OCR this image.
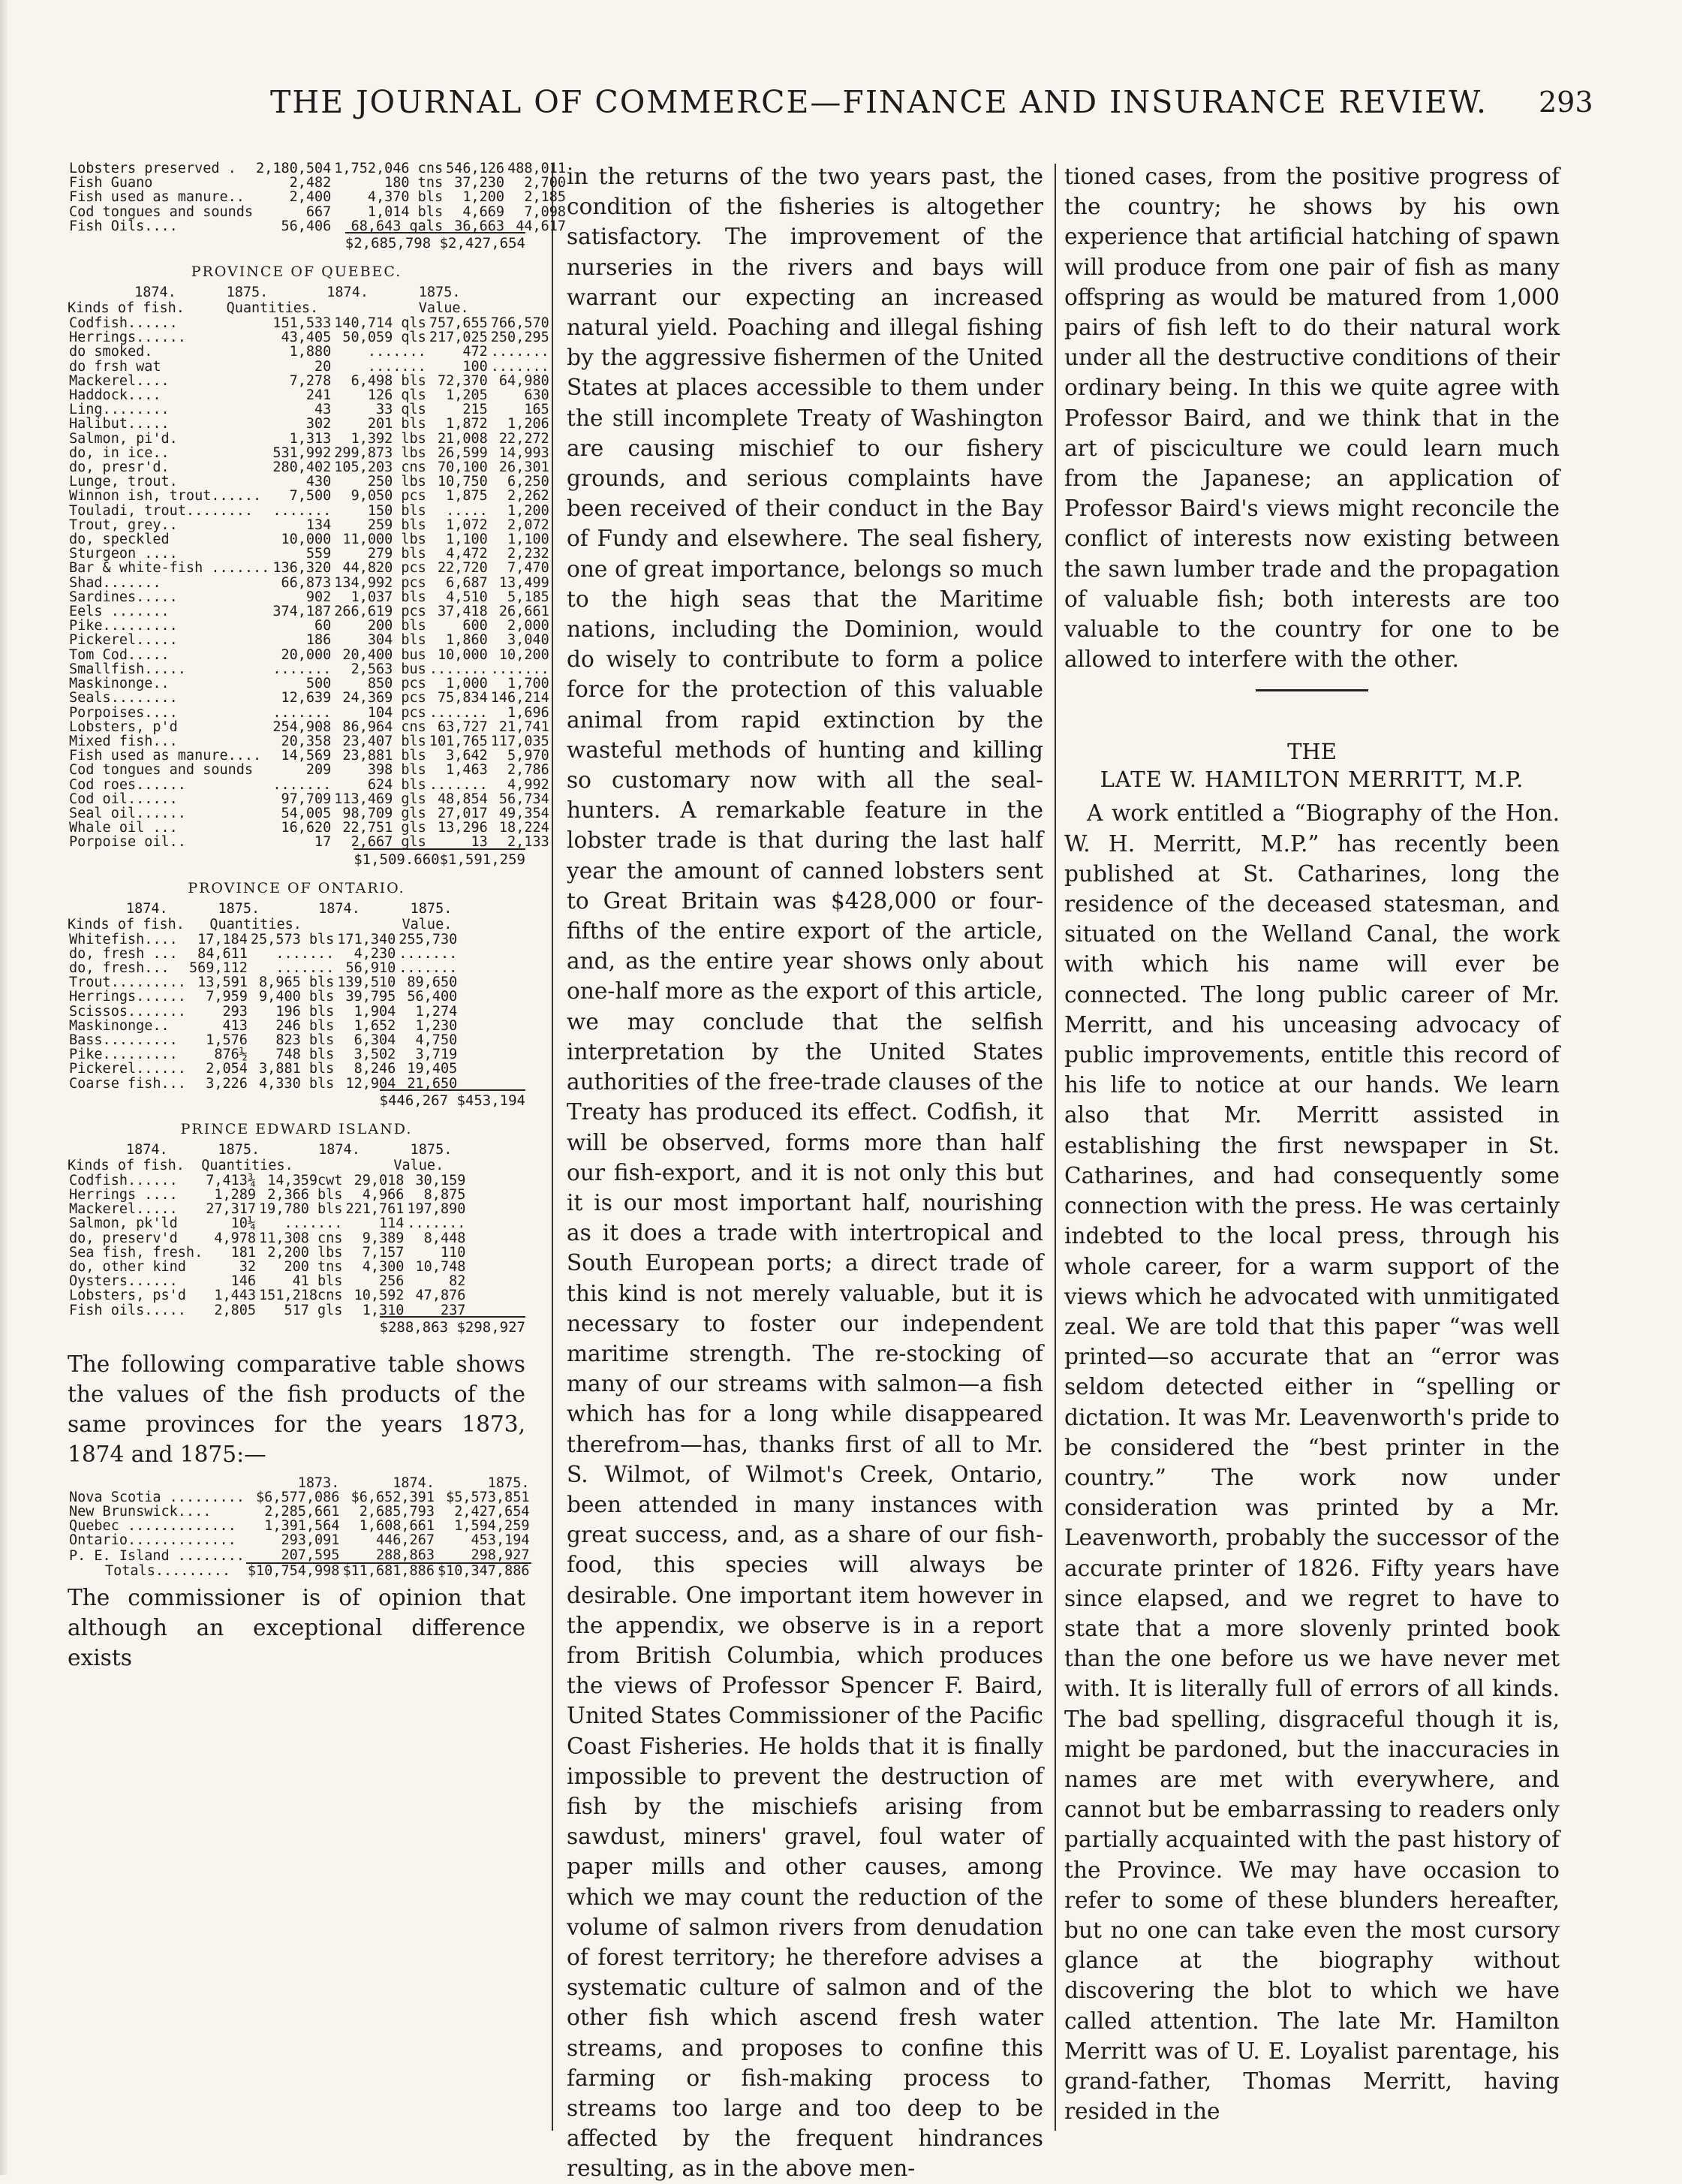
THE JOURNAL OF COMMERCE—FINANCE AND INSURANCE REVIEW. 293
Lobsters preserved .	2,180,504	1,752,046 cns	546,126	488,011
Fish Guano	2,482	180 tns	37,230	2,700
Fish used as manure..	2,400	4,370 bls	1,200	2,185
Cod tongues and sounds	667	1,014 bls	4,669	7,098
Fish Oils....	56,406	68,643 gals	36,663	44,617
$2,685,798 $2,427,654
PROVINCE OF QUEBEC.
1874.      1875.       1874.      1875.
Kinds of fish.     Quantities.            Value.
Codfish......	151,533	140,714 qls	757,655	766,570
Herrings......	43,405	50,059 qls	217,025	250,295
do smoked.	1,880	.......	472	.......
do frsh wat	20	.......	100	.......
Mackerel....	7,278	6,498 bls	72,370	64,980
Haddock....	241	126 qls	1,205	630
Ling........	43	33 qls	215	165
Halibut.....	302	201 bls	1,872	1,206
Salmon, pi'd.	1,313	1,392 lbs	21,008	22,272
do, in ice..	531,992	299,873 lbs	26,599	14,993
do, presr'd.	280,402	105,203 cns	70,100	26,301
Lunge, trout.	430	250 lbs	10,750	6,250
Winnon ish, trout......	7,500	9,050 pcs	1,875	2,262
Touladi, trout........	.......	150 bls	.....	1,200
Trout, grey..	134	259 bls	1,072	2,072
do, speckled	10,000	11,000 lbs	1,100	1,100
Sturgeon ....	559	279 bls	4,472	2,232
Bar & white-fish .......	136,320	44,820 pcs	22,720	7,470
Shad.......	66,873	134,992 pcs	6,687	13,499
Sardines.....	902	1,037 bls	4,510	5,185
Eels .......	374,187	266,619 pcs	37,418	26,661
Pike.........	60	200 bls	600	2,000
Pickerel.....	186	304 bls	1,860	3,040
Tom Cod.....	20,000	20,400 bus	10,000	10,200
Smallfish.....	.......	2,563 bus	.......	.......
Maskinonge..	500	850 pcs	1,000	1,700
Seals........	12,639	24,369 pcs	75,834	146,214
Porpoises....	.......	104 pcs	.......	1,696
Lobsters, p'd	254,908	86,964 cns	63,727	21,741
Mixed fish...	20,358	23,407 bls	101,765	117,035
Fish used as manure....	14,569	23,881 bls	3,642	5,970
Cod tongues and sounds	209	398 bls	1,463	2,786
Cod roes......	.......	624 bls	.......	4,992
Cod oil......	97,709	113,469 gls	48,854	56,734
Seal oil......	54,005	98,709 gls	27,017	49,354
Whale oil ...	16,620	22,751 gls	13,296	18,224
Porpoise oil..	17	2,667 gls	13	2,133
$1,509.660$1,591,259
PROVINCE OF ONTARIO.
1874.      1875.       1874.      1875.
Kinds of fish.   Quantities.            Value.
Whitefish....	17,184	25,573 bls	171,340	255,730
do, fresh ...	84,611	.......	4,230	.......
do, fresh...	569,112	.......	56,910	.......
Trout.........	13,591	8,965 bls	139,510	89,650
Herrings......	7,959	9,400 bls	39,795	56,400
Scissos.......	293	196 bls	1,904	1,274
Maskinonge..	413	246 bls	1,652	1,230
Bass.........	1,576	823 bls	6,304	4,750
Pike.........	876½	748 bls	3,502	3,719
Pickerel......	2,054	3,881 bls	8,246	19,405
Coarse fish...	3,226	4,330 bls	12,904	21,650
$446,267 $453,194
PRINCE EDWARD ISLAND.
1874.      1875.       1874.      1875.
Kinds of fish.  Quantities.            Value.
Codfish......	7,413¾	14,359cwt	29,018	30,159
Herrings ....	1,289	2,366 bls	4,966	8,875
Mackerel.....	27,317	19,780 bls	221,761	197,890
Salmon, pk'ld	10¼	.......	114	.......
do, preserv'd	4,978	11,308 cns	9,389	8,448
Sea fish, fresh.	181	2,200 lbs	7,157	110
do, other kind	32	200 tns	4,300	10,748
Oysters......	146	41 bls	256	82
Lobsters, ps'd	1,443	151,218cns	10,592	47,876
Fish oils.....	2,805	517 gls	1,310	237
$288,863 $298,927

The following comparative table shows the values of the fish products of the same provinces for the years 1873, 1874 and 1875:—

	1873.	1874.	1875.
Nova Scotia .........	$6,577,086	$6,652,391	$5,573,851
New Brunswick....	2,285,661	2,685,793	2,427,654
Quebec .............	1,391,564	1,608,661	1,594,259
Ontario.............	293,091	446,267	453,194
P. E. Island ........	207,595	288,863	298,927
Totals.........	$10,754,998	$11,681,886	$10,347,886

The commissioner is of opinion that although an exceptional difference exists

in the returns of the two years past, the condition of the fisheries is altogether satisfactory. The improvement of the nurseries in the rivers and bays will warrant our expecting an increased natural yield. Poaching and illegal fishing by the aggressive fishermen of the United States at places accessible to them under the still incomplete Treaty of Washington are causing mischief to our fishery grounds, and serious complaints have been received of their conduct in the Bay of Fundy and elsewhere. The seal fishery, one of great importance, belongs so much to the high seas that the Maritime nations, including the Dominion, would do wisely to contribute to form a police force for the protection of this valuable animal from rapid extinction by the wasteful methods of hunting and killing so customary now with all the seal-hunters. A remarkable feature in the lobster trade is that during the last half year the amount of canned lobsters sent to Great Britain was $428,000 or four-fifths of the entire export of the article, and, as the entire year shows only about one-half more as the export of this article, we may conclude that the selfish interpretation by the United States authorities of the free-trade clauses of the Treaty has produced its effect. Codfish, it will be observed, forms more than half our fish-export, and it is not only this but it is our most important half, nourishing as it does a trade with intertropical and South European ports; a direct trade of this kind is not merely valuable, but it is necessary to foster our independent maritime strength. The re-stocking of many of our streams with salmon—a fish which has for a long while disappeared therefrom—has, thanks first of all to Mr. S. Wilmot, of Wilmot's Creek, Ontario, been attended in many instances with great success, and, as a share of our fish-food, this species will always be desirable. One important item however in the appendix, we observe is in a report from British Columbia, which produces the views of Professor Spencer F. Baird, United States Commissioner of the Pacific Coast Fisheries. He holds that it is finally impossible to prevent the destruction of fish by the mischiefs arising from sawdust, miners' gravel, foul water of paper mills and other causes, among which we may count the reduction of the volume of salmon rivers from denudation of forest territory; he therefore advises a systematic culture of salmon and of the other fish which ascend fresh water streams, and proposes to confine this farming or fish-making process to streams too large and too deep to be affected by the frequent hindrances resulting, as in the above men-

tioned cases, from the positive progress of the country; he shows by his own experience that artificial hatching of spawn will produce from one pair of fish as many offspring as would be matured from 1,000 pairs of fish left to do their natural work under all the destructive conditions of their ordinary being. In this we quite agree with Professor Baird, and we think that in the art of pisciculture we could learn much from the Japanese; an application of Professor Baird's views might reconcile the conflict of interests now existing between the sawn lumber trade and the propagation of valuable fish; both interests are too valuable to the country for one to be allowed to interfere with the other.

THE
LATE W. HAMILTON MERRITT, M.P.

A work entitled a “Biography of the Hon. W. H. Merritt, M.P.” has recently been published at St. Catharines, long the residence of the deceased statesman, and situated on the Welland Canal, the work with which his name will ever be connected. The long public career of Mr. Merritt, and his unceasing advocacy of public improvements, entitle this record of his life to notice at our hands. We learn also that Mr. Merritt assisted in establishing the first newspaper in St. Catharines, and had consequently some connection with the press. He was certainly indebted to the local press, through his whole career, for a warm support of the views which he advocated with unmitigated zeal. We are told that this paper “was well printed—so accurate that an “error was seldom detected either in “spelling or dictation. It was Mr. Leavenworth's pride to be considered the “best printer in the country.” The work now under consideration was printed by a Mr. Leavenworth, probably the successor of the accurate printer of 1826. Fifty years have since elapsed, and we regret to have to state that a more slovenly printed book than the one before us we have never met with. It is literally full of errors of all kinds. The bad spelling, disgraceful though it is, might be pardoned, but the inaccuracies in names are met with everywhere, and cannot but be embarrassing to readers only partially acquainted with the past history of the Province. We may have occasion to refer to some of these blunders hereafter, but no one can take even the most cursory glance at the biography without discovering the blot to which we have called attention. The late Mr. Hamilton Merritt was of U. E. Loyalist parentage, his grand-father, Thomas Merritt, having resided in the
